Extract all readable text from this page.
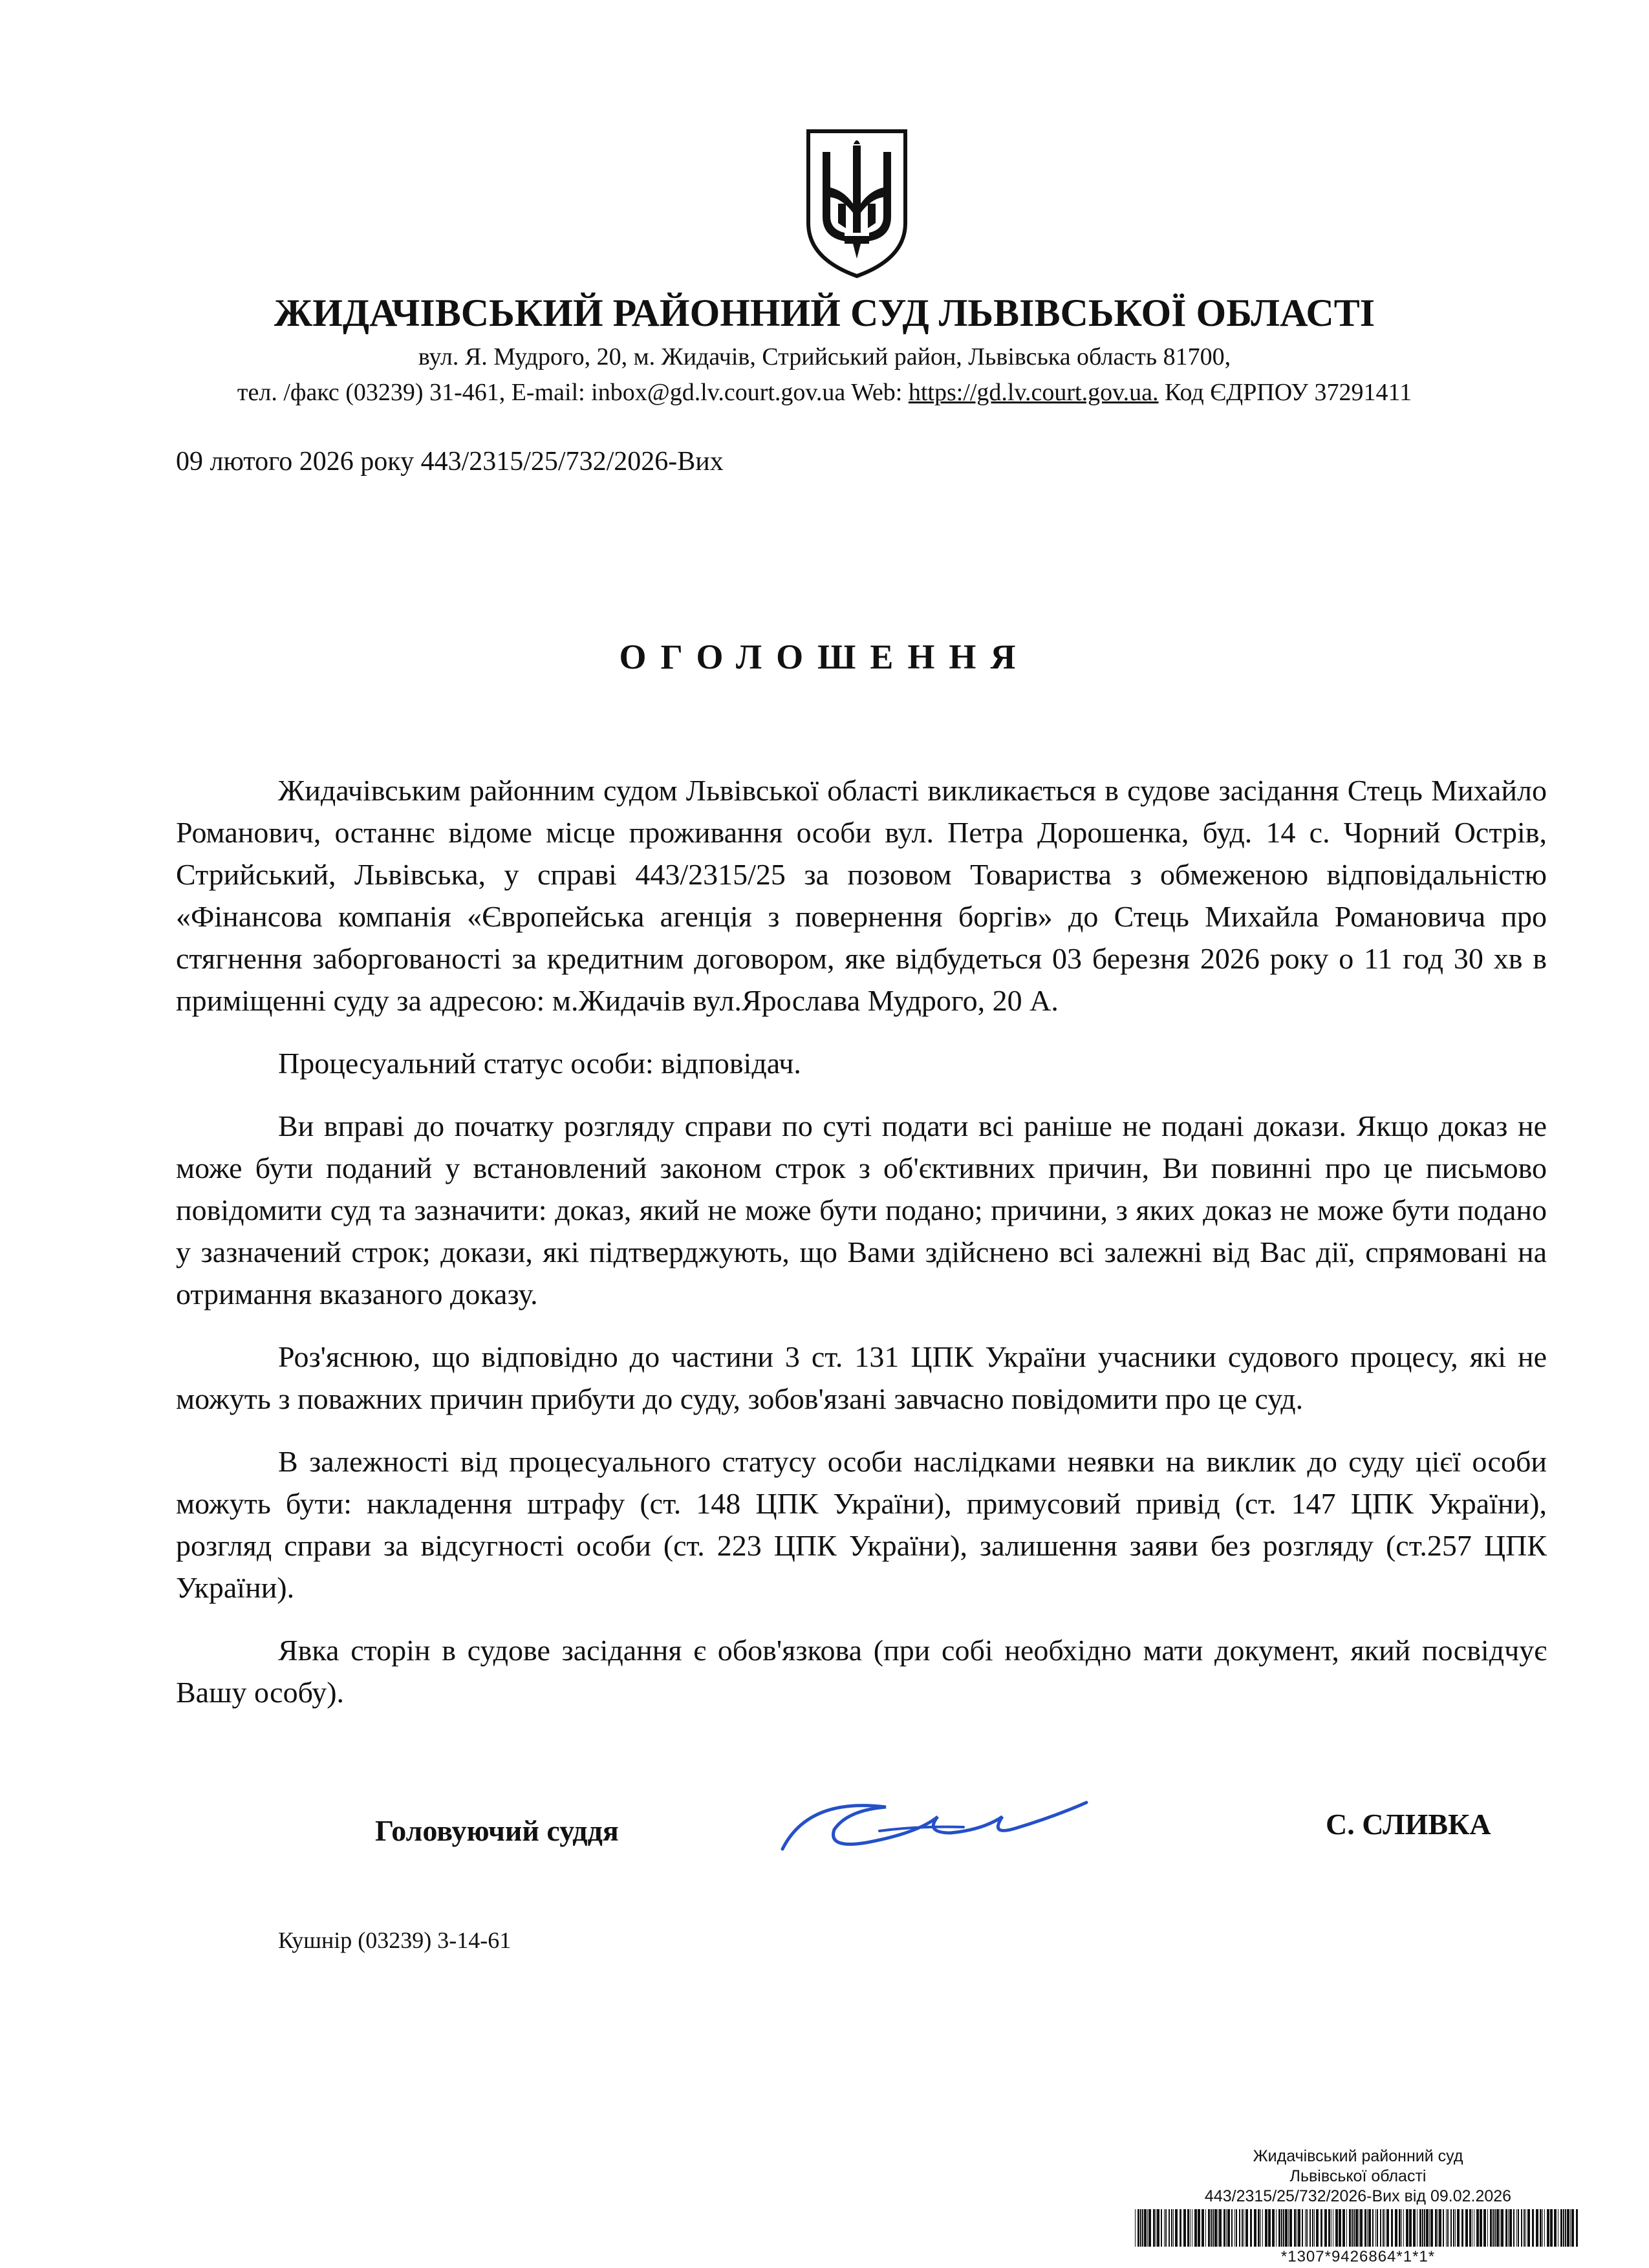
ЖИДАЧІВСЬКИЙ РАЙОННИЙ СУД ЛЬВІВСЬКОЇ ОБЛАСТІ
вул. Я. Мудрого, 20, м. Жидачів, Стрийський район, Львівська область 81700,
тел. /факс (03239) 31-461, E-mail: inbox@gd.lv.court.gov.ua Web: https://gd.lv.court.gov.ua. Код ЄДРПОУ 37291411
09 лютого 2026 року 443/2315/25/732/2026-Вих
ОГОЛОШЕННЯ

Жидачівським районним судом Львівської області викликається в судове засідання Стець Михайло Романович, останнє відоме місце проживання особи вул. Петра Дорошенка, буд. 14 с. Чорний Острів, Стрийський, Львівська, у справі 443/2315/25 за позовом Товариства з обмеженою відповідальністю «Фінансова компанія «Європейська агенція з повернення боргів» до Стець Михайла Романовича про стягнення заборгованості за кредитним договором, яке відбудеться 03 березня 2026 року о 11 год 30 хв в приміщенні суду за адресою: м.Жидачів вул.Ярослава Мудрого, 20 А.

Процесуальний статус особи: відповідач.

Ви вправі до початку розгляду справи по суті подати всі раніше не подані докази. Якщо доказ не може бути поданий у встановлений законом строк з об'єктивних причин, Ви повинні про це письмово повідомити суд та зазначити: доказ, який не може бути подано; причини, з яких доказ не може бути подано у зазначений строк; докази, які підтверджують, що Вами здійснено всі залежні від Вас дії, спрямовані на отримання вказаного доказу.

Роз'яснюю, що відповідно до частини 3 ст. 131 ЦПК України учасники судового процесу, які не можуть з поважних причин прибути до суду, зобов'язані завчасно повідомити про це суд.

В залежності від процесуального статусу особи наслідками неявки на виклик до суду цієї особи можуть бути: накладення штрафу (ст. 148 ЦПК України), примусовий привід (ст. 147 ЦПК України), розгляд справи за відсугності особи (ст. 223 ЦПК України), залишення заяви без розгляду (ст.257 ЦПК України).

Явка сторін в судове засідання є обов'язкова (при собі необхідно мати документ, який посвідчує Вашу особу).

Головуючий суддя	С. СЛИВКА
Кушнір (03239) 3-14-61
Жидачівський районний суд
Львівської області
443/2315/25/732/2026-Вих від 09.02.2026
*1307*9426864*1*1*
